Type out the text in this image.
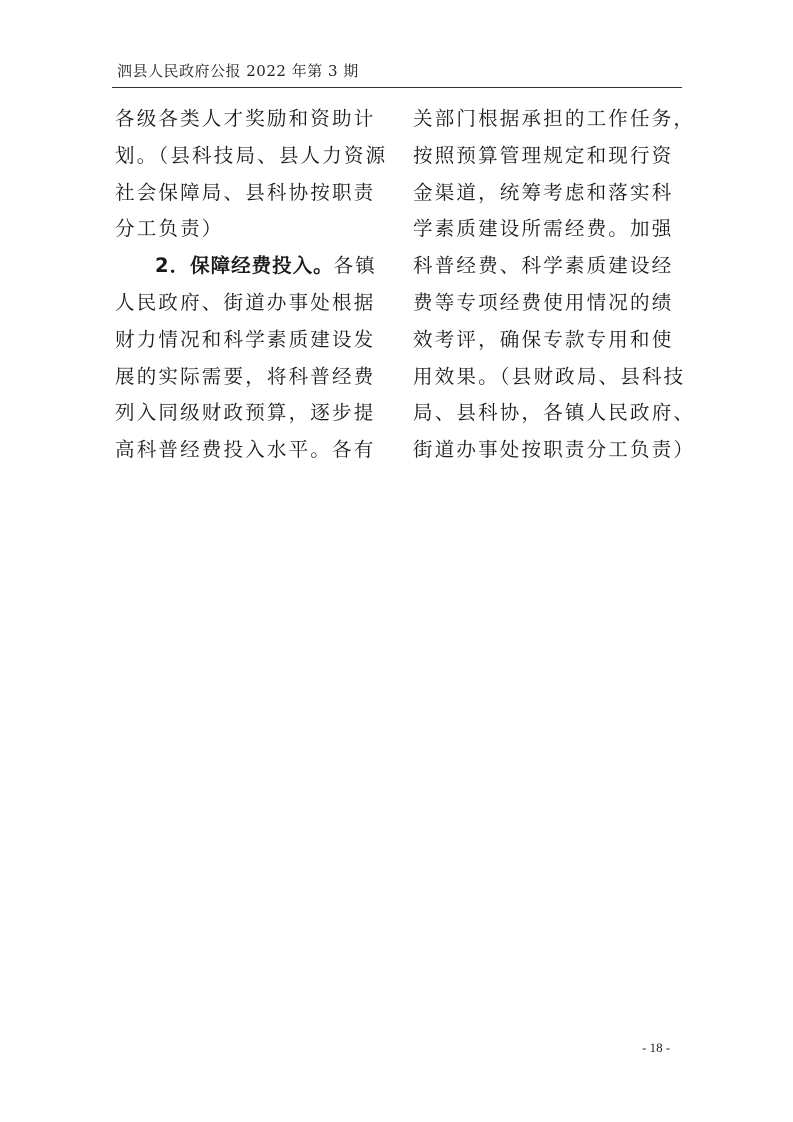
泗县人民政府公报 2022 年第 3 期
各级各类人才奖励和资助计
划。（县科技局、县人力资源
社会保障局、县科协按职责
分工负责）
2．保障经费投入。各镇
人民政府、街道办事处根据
财力情况和科学素质建设发
展的实际需要，将科普经费
列入同级财政预算，逐步提
高科普经费投入水平。各有
关部门根据承担的工作任务，
按照预算管理规定和现行资
金渠道，统筹考虑和落实科
学素质建设所需经费。加强
科普经费、科学素质建设经
费等专项经费使用情况的绩
效考评，确保专款专用和使
用效果。（县财政局、县科技
局、县科协，各镇人民政府、
街道办事处按职责分工负责）
- 18 -
